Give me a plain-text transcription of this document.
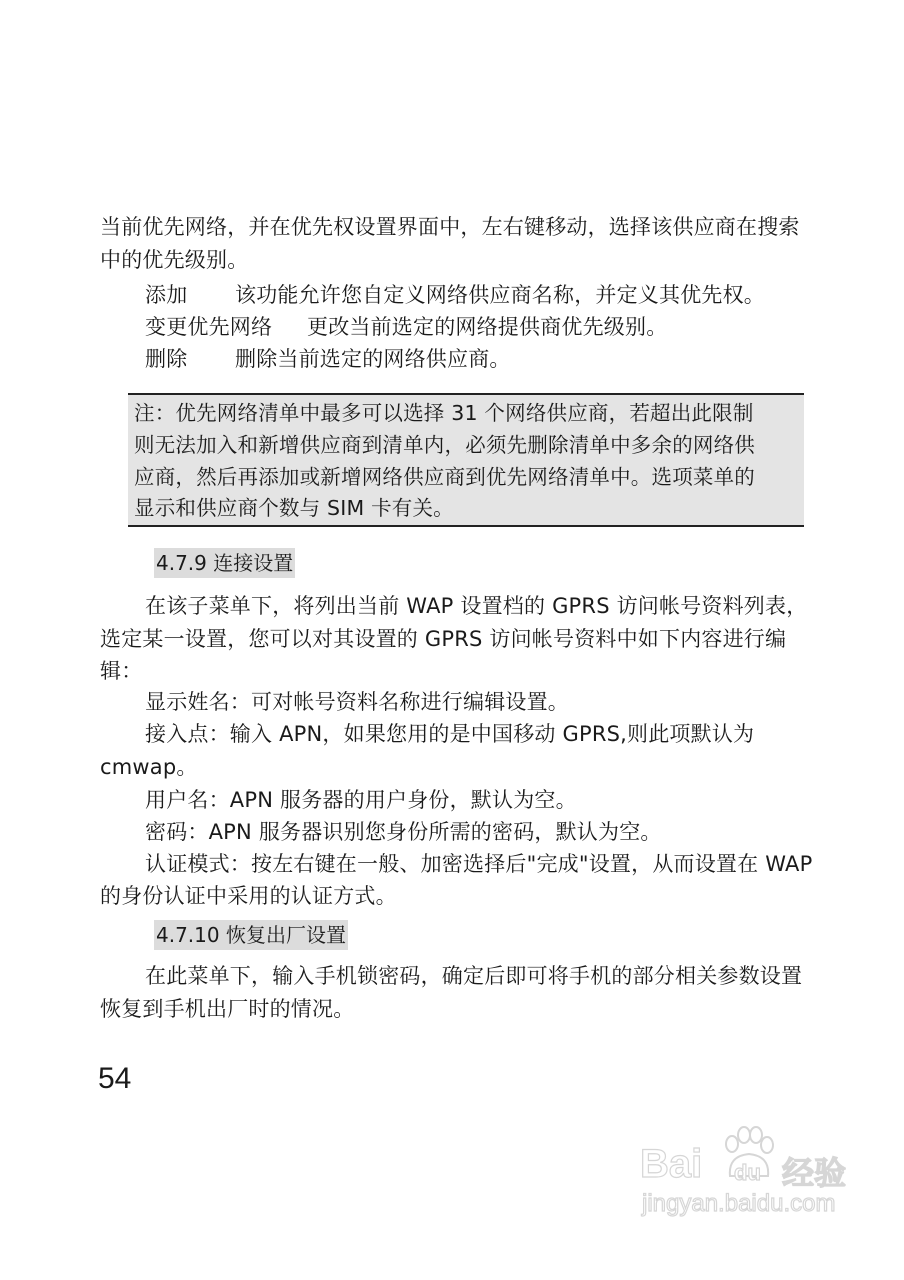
当前优先网络，并在优先权设置界面中，左右键移动，选择该供应商在搜索
中的优先级别。
添加 该功能允许您自定义网络供应商名称，并定义其优先权。
变更优先网络 更改当前选定的网络提供商优先级别。
删除 删除当前选定的网络供应商。
注：优先网络清单中最多可以选择 31 个网络供应商，若超出此限制
则无法加入和新增供应商到清单内，必须先删除清单中多余的网络供
应商，然后再添加或新增网络供应商到优先网络清单中。选项菜单的
显示和供应商个数与 SIM 卡有关。
4.7.9 连接设置
在该子菜单下，将列出当前 WAP 设置档的 GPRS 访问帐号资料列表，
选定某一设置，您可以对其设置的 GPRS 访问帐号资料中如下内容进行编
辑：
显示姓名：可对帐号资料名称进行编辑设置。
接入点：输入 APN，如果您用的是中国移动 GPRS,则此项默认为
cmwap。
用户名：APN 服务器的用户身份，默认为空。
密码：APN 服务器识别您身份所需的密码，默认为空。
认证模式：按左右键在一般、加密选择后"完成"设置，从而设置在 WAP
的身份认证中采用的认证方式。
4.7.10 恢复出厂设置
在此菜单下，输入手机锁密码，确定后即可将手机的部分相关参数设置
恢复到手机出厂时的情况。
54
Bai du 经验
jingyan.baidu.com
